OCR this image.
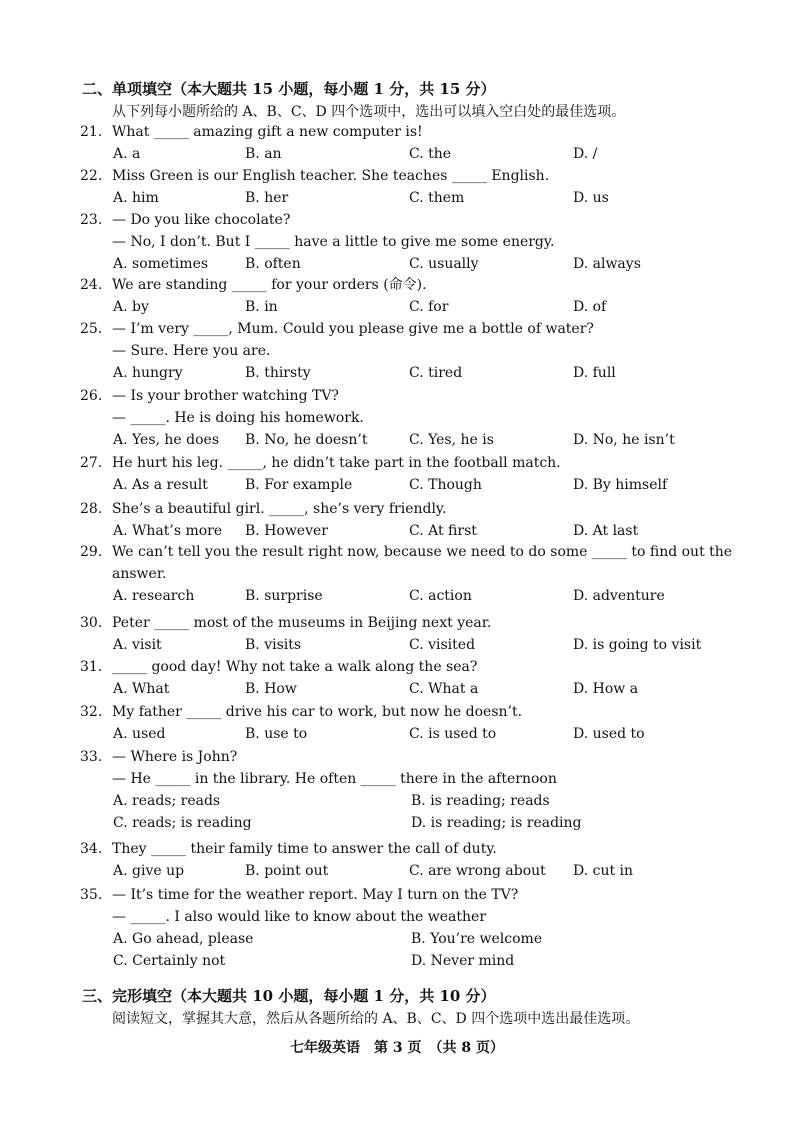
二、单项填空（本大题共 15 小题，每小题 1 分，共 15 分）
从下列每小题所给的 A、B、C、D 四个选项中，选出可以填入空白处的最佳选项。
21. What _____ amazing gift a new computer is!
A. a	B. an	C. the	D. /
22. Miss Green is our English teacher. She teaches _____ English.
A. him	B. her	C. them	D. us
23. — Do you like chocolate?
— No, I don’t. But I _____ have a little to give me some energy.
A. sometimes	B. often	C. usually	D. always
24. We are standing _____ for your orders (命令).
A. by	B. in	C. for	D. of
25. — I’m very _____, Mum. Could you please give me a bottle of water?
— Sure. Here you are.
A. hungry	B. thirsty	C. tired	D. full
26. — Is your brother watching TV?
— _____. He is doing his homework.
A. Yes, he does B. No, he doesn’t	C. Yes, he is	D. No, he isn’t
27. He hurt his leg. _____, he didn’t take part in the football match.
A. As a result	B. For example	C. Though	D. By himself
28. She’s a beautiful girl. _____, she’s very friendly.
A. What’s more B. However	C. At first	D. At last
29. We can’t tell you the result right now, because we need to do some _____ to find out the
answer.
A. research	B. surprise	C. action	D. adventure
30. Peter _____ most of the museums in Beijing next year.
A. visit	B. visits	C. visited	D. is going to visit
31. _____ good day! Why not take a walk along the sea?
A. What	B. How	C. What a	D. How a
32. My father _____ drive his car to work, but now he doesn’t.
A. used	B. use to	C. is used to	D. used to
33. — Where is John?
— He _____ in the library. He often _____ there in the afternoon
A. reads; reads	B. is reading; reads
C. reads; is reading	D. is reading; is reading
34. They _____ their family time to answer the call of duty.
A. give up	B. point out	C. are wrong about D. cut in
35. — It’s time for the weather report. May I turn on the TV?
— _____. I also would like to know about the weather
A. Go ahead, please	B. You’re welcome
C. Certainly not	D. Never mind
三、完形填空（本大题共 10 小题，每小题 1 分，共 10 分）
阅读短文，掌握其大意，然后从各题所给的 A、B、C、D 四个选项中选出最佳选项。
七年级英语　第 3 页　（共 8 页）
